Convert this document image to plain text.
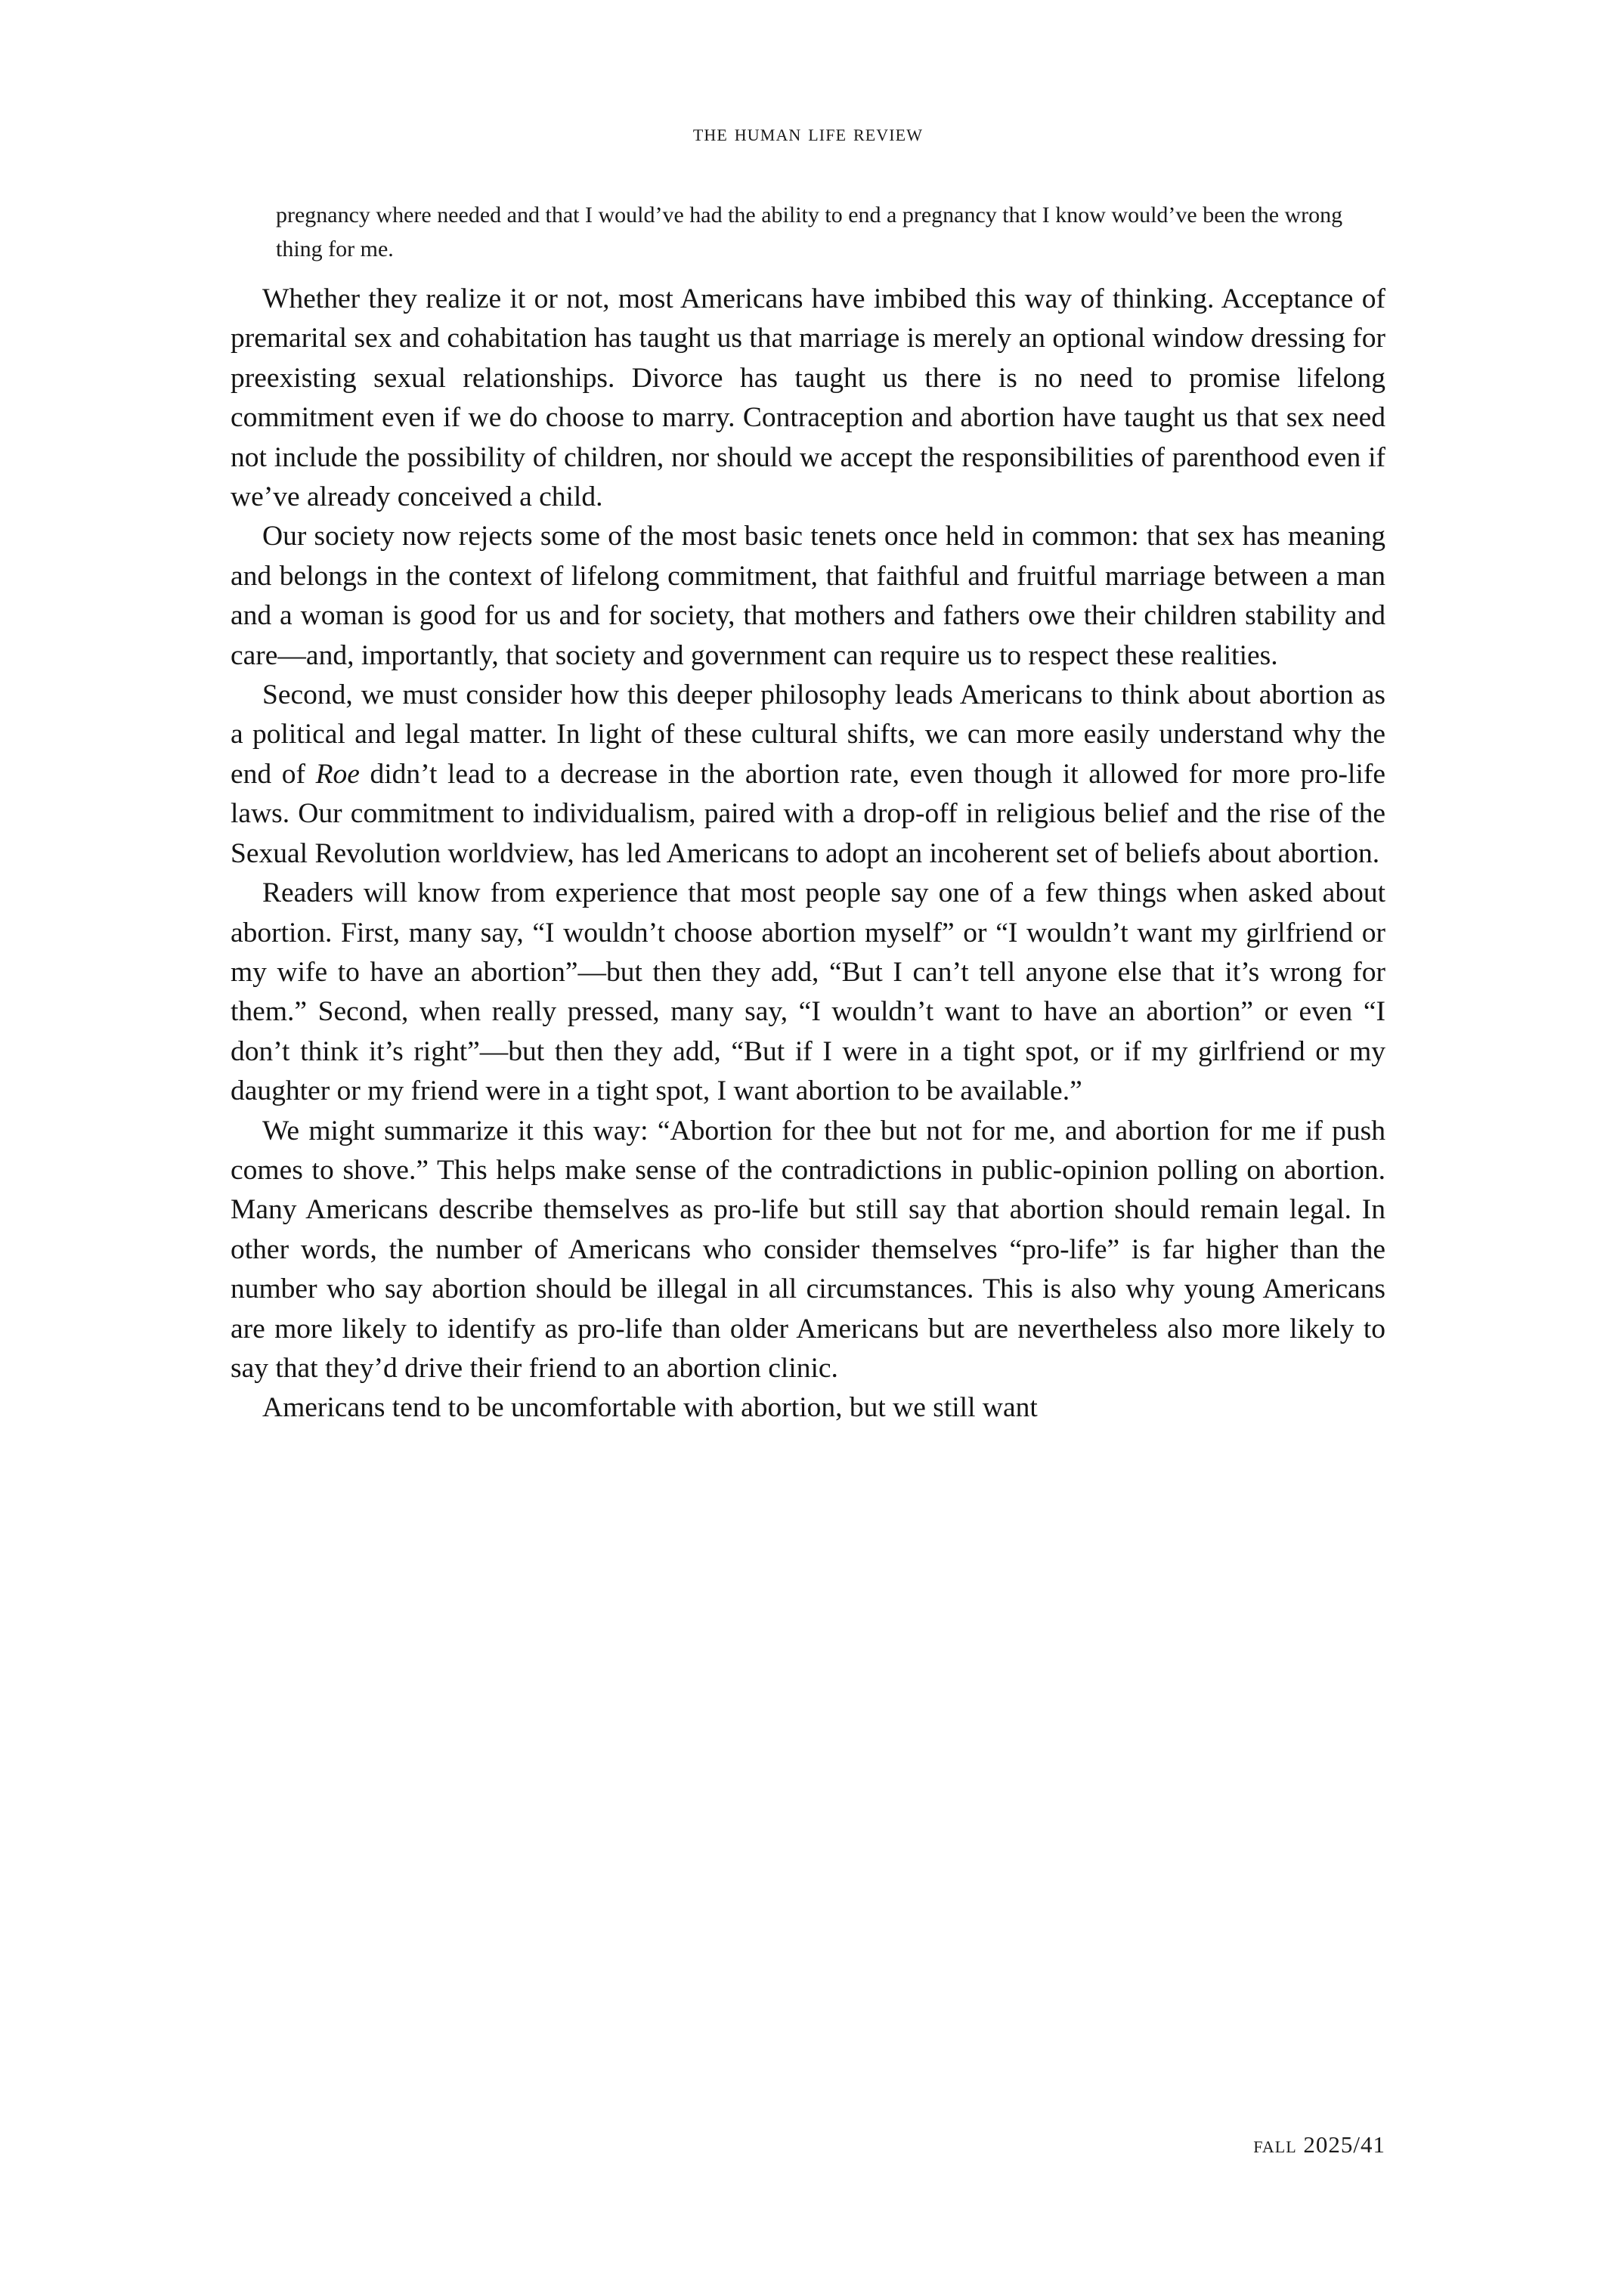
the human life review
pregnancy where needed and that I would’ve had the ability to end a pregnancy that I know would’ve been the wrong thing for me.

Whether they realize it or not, most Americans have imbibed this way of thinking. Acceptance of premarital sex and cohabitation has taught us that marriage is merely an optional window dressing for preexisting sexual relationships. Divorce has taught us there is no need to promise lifelong commitment even if we do choose to marry. Contraception and abortion have taught us that sex need not include the possibility of children, nor should we accept the responsibilities of parenthood even if we’ve already conceived a child.

Our society now rejects some of the most basic tenets once held in common: that sex has meaning and belongs in the context of lifelong commitment, that faithful and fruitful marriage between a man and a woman is good for us and for society, that mothers and fathers owe their children stability and care—and, importantly, that society and government can require us to respect these realities.

Second, we must consider how this deeper philosophy leads Americans to think about abortion as a political and legal matter. In light of these cultural shifts, we can more easily understand why the end of Roe didn’t lead to a decrease in the abortion rate, even though it allowed for more pro-life laws. Our commitment to individualism, paired with a drop-off in religious belief and the rise of the Sexual Revolution worldview, has led Americans to adopt an incoherent set of beliefs about abortion.

Readers will know from experience that most people say one of a few things when asked about abortion. First, many say, “I wouldn’t choose abortion myself” or “I wouldn’t want my girlfriend or my wife to have an abortion”—but then they add, “But I can’t tell anyone else that it’s wrong for them.” Second, when really pressed, many say, “I wouldn’t want to have an abortion” or even “I don’t think it’s right”—but then they add, “But if I were in a tight spot, or if my girlfriend or my daughter or my friend were in a tight spot, I want abortion to be available.”

We might summarize it this way: “Abortion for thee but not for me, and abortion for me if push comes to shove.” This helps make sense of the contradictions in public-opinion polling on abortion. Many Americans describe themselves as pro-life but still say that abortion should remain legal. In other words, the number of Americans who consider themselves “pro-life” is far higher than the number who say abortion should be illegal in all circumstances. This is also why young Americans are more likely to identify as pro-life than older Americans but are nevertheless also more likely to say that they’d drive their friend to an abortion clinic.

Americans tend to be uncomfortable with abortion, but we still want

fall 2025/41
